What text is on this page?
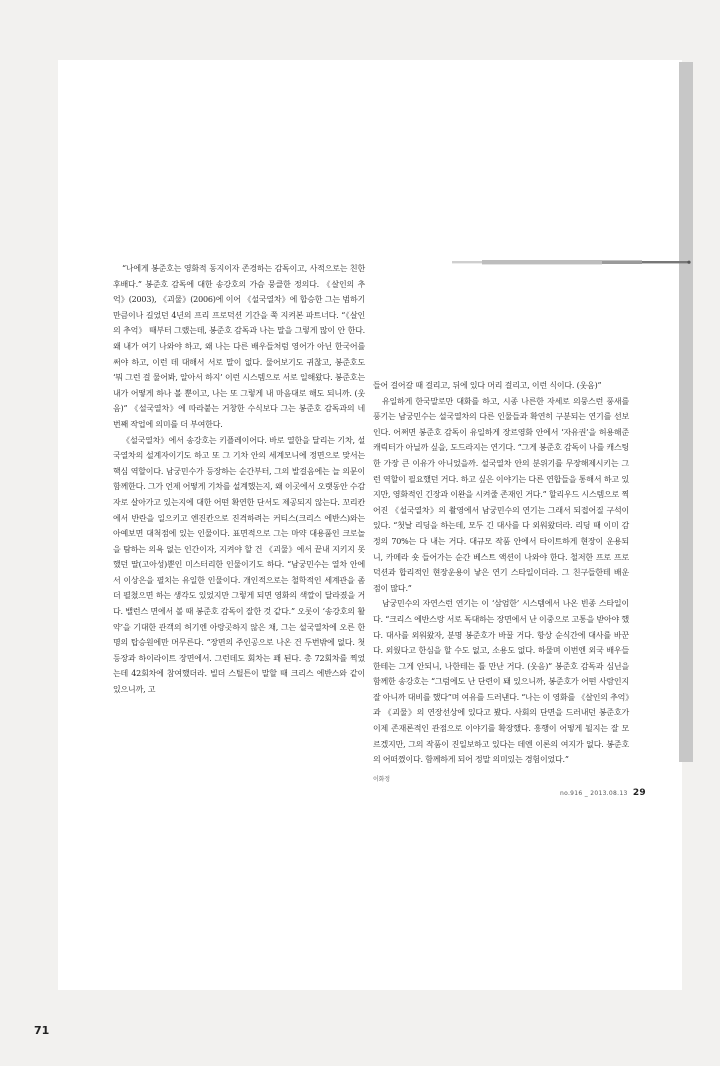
“나에게 봉준호는 영화적 동지이자 존경하는 감독이고, 사적으로는 친한 후배다.” 봉준호 감독에 대한 송강호의 가슴 뭉클한 정의다. 《살인의 추억》(2003), 《괴물》(2006)에 이어 《설국열차》에 합승한 그는 범하기만큼이나 길었던 4년의 프리 프로덕션 기간을 쭉 지켜본 파트너다. “《살인의 추억》 때부터 그랬는데, 봉준호 감독과 나는 말을 그렇게 많이 안 한다. 왜 내가 여기 나와야 하고, 왜 나는 다른 배우들처럼 영어가 아닌 한국어를 써야 하고, 이런 데 대해서 서로 말이 없다. 물어보기도 귀찮고, 봉준호도 ‘뭐 그런 걸 물어봐, 알아서 하지’ 이런 시스템으로 서로 일해왔다. 봉준호는 내가 어떻게 하나 볼 뿐이고, 나는 또 그렇게 내 마음대로 해도 되니까. (웃음)” 《설국열차》에 따라붙는 거창한 수식보다 그는 봉준호 감독과의 네 번째 작업에 의미를 더 부여한다.

《설국열차》에서 송강호는 키플레이어다. 바로 열한을 달리는 기차, 설국열차의 설계자이기도 하고 또 그 기차 안의 세계모니에 정면으로 맞서는 핵심 역할이다. 남궁민수가 등장하는 순간부터, 그의 발걸음에는 늘 의문이 함께한다. 그가 언제 어떻게 기차를 설계했는지, 왜 이곳에서 오랫동안 수감자로 살아가고 있는지에 대한 어떤 확연한 단서도 제공되지 않는다. 꼬리칸에서 반란을 일으키고 엔진칸으로 진격하려는 커티스(크리스 에반스)와는 아예보면 대척점에 있는 인물이다. 표면적으로 그는 마약 대용품인 크로놀을 탐하는 의욕 없는 인간이자, 지켜야 할 건 《괴물》에서 끝내 지키지 못했던 딸(고아성)뿐인 미스터리한 인물이기도 하다. “남궁민수는 열차 안에서 이상은을 펼치는 유일한 인물이다. 개인적으로는 철학적인 세계관을 좀더 펼쳤으면 하는 생각도 있었지만 그렇게 되면 영화의 색깔이 달라졌을 거다. 밸런스 면에서 볼 때 봉준호 감독이 잘한 것 같다.” 오롯이 ‘송강호의 활약’을 기대한 관객의 허기엔 아랑곳하지 않은 채, 그는 설국열차에 오른 한명의 탑승원에만 머무른다. “장면의 주인공으로 나온 건 두번밖에 없다. 첫 등장과 하이라이트 장면에서. 그런데도 회차는 꽤 된다. 총 72회차를 찍었는데 42회차에 참여했더라. 빌더 스틸튼이 말할 때 크리스 에반스와 같이 있으니까, 고

들어 걸어갈 때 걸리고, 뒤에 있다 머리 걸리고, 이런 식이다. (웃음)”

유일하게 한국말로만 대화를 하고, 시종 나른한 자세로 의뭉스런 풍새를 풍기는 남궁민수는 설국열차의 다른 인물들과 확연히 구분되는 연기를 선보인다. 어쩌면 봉준호 감독이 유일하게 장르영화 안에서 ‘자유권’을 허용해준 캐릭터가 아닐까 싶을, 도드라지는 연기다. “그게 봉준호 감독이 나를 캐스팅한 가장 큰 이유가 아니었을까. 설국열차 안의 분위기를 무장해제시키는 그런 역할이 필요했던 거다. 하고 싶은 이야기는 다른 연합들을 통해서 하고 있지만, 영화적인 긴장과 이완을 시켜줄 존재인 거다.” 할리우드 시스템으로 찍어진 《설국열차》의 촬영에서 남궁민수의 연기는 그래서 되접어질 구석이 있다. “첫날 리딩을 하는데, 모두 긴 대사를 다 외워왔더라. 리딩 때 이미 감정의 70%는 다 내는 거다. 대규모 작품 안에서 타이트하게 현장이 운용되니, 카메라 숏 들어가는 순간 베스트 액션이 나와야 한다. 철저한 프로 프로덕션과 합리적인 현장운용이 낳은 연기 스타일이더라. 그 친구들한테 배운 점이 많다.”

남궁민수의 자연스런 연기는 이 ‘삼엄한’ 시스템에서 나온 빈종 스타일이다. “크리스 에반스랑 서로 독대하는 장면에서 난 이중으로 고통을 받아야 했다. 대사를 외워왔자, 분명 봉준호가 바꿀 거다. 항상 순식간에 대사를 바꾼다. 외웠다고 한심을 할 수도 없고, 소용도 없다. 하물며 이번엔 외국 배우들한테는 그게 안되니, 나한테는 틀 만난 거다. (웃음)” 봉준호 감독과 심닌을 함께한 송강호는 “그럼에도 난 단련이 돼 있으니까, 봉준호가 어떤 사람인지 잘 아니까 대비를 했다”며 여유를 드러낸다. “나는 이 영화를 《살인의 추억》과 《괴물》의 연장선상에 있다고 봤다. 사회의 단면을 드러내던 봉준호가 이제 존재론적인 관점으로 이야기를 확장했다. 흥행이 어떻게 될지는 잘 모르겠지만, 그의 작품이 진일보하고 있다는 데엔 이론의 여지가 없다. 봉준호의 어떠꼈이다. 함께하게 되어 정말 의미있는 경험이었다.”

이화정
no.916 _ 2013.08.13 29
71
